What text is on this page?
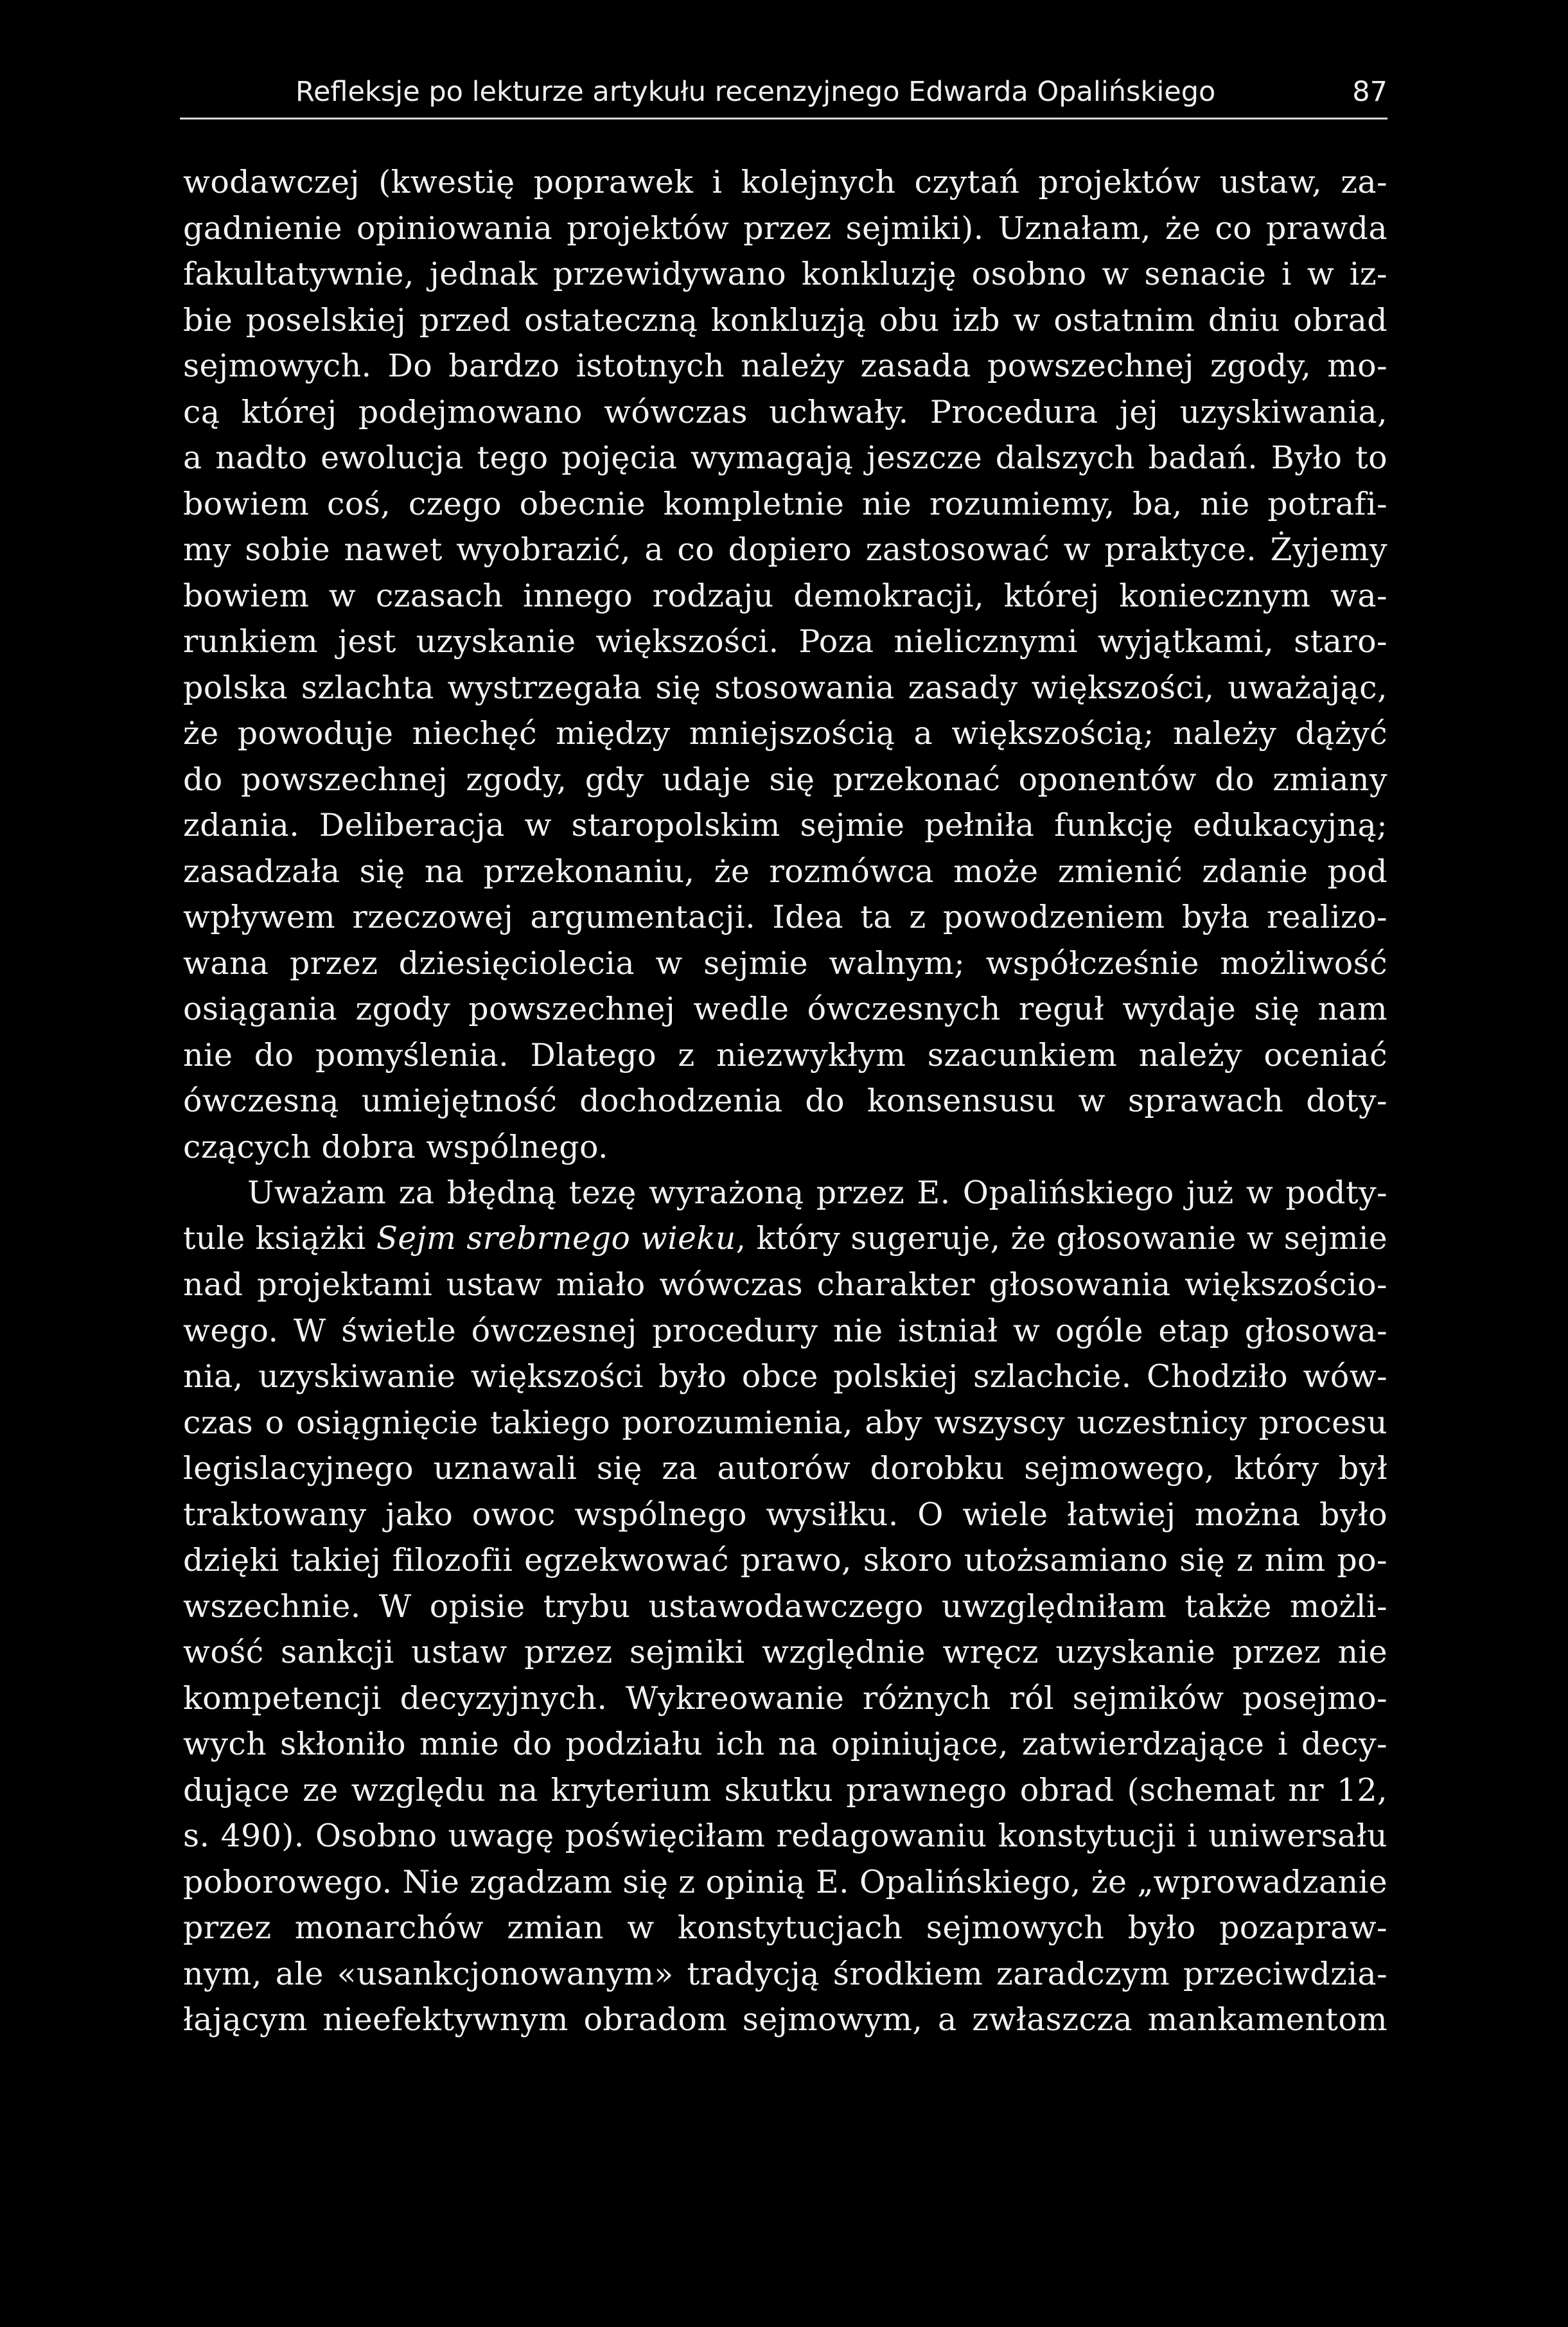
Refleksje po lekturze artykułu recenzyjnego Edwarda Opalińskiego	87
wodawczej (kwestię poprawek i kolejnych czytań projektów ustaw, za-
gadnienie opiniowania projektów przez sejmiki). Uznałam, że co prawda
fakultatywnie, jednak przewidywano konkluzję osobno w senacie i w iz-
bie poselskiej przed ostateczną konkluzją obu izb w ostatnim dniu obrad
sejmowych. Do bardzo istotnych należy zasada powszechnej zgody, mo-
cą której podejmowano wówczas uchwały. Procedura jej uzyskiwania,
a nadto ewolucja tego pojęcia wymagają jeszcze dalszych badań. Było to
bowiem coś, czego obecnie kompletnie nie rozumiemy, ba, nie potrafi-
my sobie nawet wyobrazić, a co dopiero zastosować w praktyce. Żyjemy
bowiem w czasach innego rodzaju demokracji, której koniecznym wa-
runkiem jest uzyskanie większości. Poza nielicznymi wyjątkami, staro-
polska szlachta wystrzegała się stosowania zasady większości, uważając,
że powoduje niechęć między mniejszością a większością; należy dążyć
do powszechnej zgody, gdy udaje się przekonać oponentów do zmiany
zdania. Deliberacja w staropolskim sejmie pełniła funkcję edukacyjną;
zasadzała się na przekonaniu, że rozmówca może zmienić zdanie pod
wpływem rzeczowej argumentacji. Idea ta z powodzeniem była realizo-
wana przez dziesięciolecia w sejmie walnym; współcześnie możliwość
osiągania zgody powszechnej wedle ówczesnych reguł wydaje się nam
nie do pomyślenia. Dlatego z niezwykłym szacunkiem należy oceniać
ówczesną umiejętność dochodzenia do konsensusu w sprawach doty-
czących dobra wspólnego.
Uważam za błędną tezę wyrażoną przez E. Opalińskiego już w podty-
tule książki Sejm srebrnego wieku, który sugeruje, że głosowanie w sejmie
nad projektami ustaw miało wówczas charakter głosowania większościo-
wego. W świetle ówczesnej procedury nie istniał w ogóle etap głosowa-
nia, uzyskiwanie większości było obce polskiej szlachcie. Chodziło wów-
czas o osiągnięcie takiego porozumienia, aby wszyscy uczestnicy procesu
legislacyjnego uznawali się za autorów dorobku sejmowego, który był
traktowany jako owoc wspólnego wysiłku. O wiele łatwiej można było
dzięki takiej filozofii egzekwować prawo, skoro utożsamiano się z nim po-
wszechnie. W opisie trybu ustawodawczego uwzględniłam także możli-
wość sankcji ustaw przez sejmiki względnie wręcz uzyskanie przez nie
kompetencji decyzyjnych. Wykreowanie różnych ról sejmików posejmo-
wych skłoniło mnie do podziału ich na opiniujące, zatwierdzające i decy-
dujące ze względu na kryterium skutku prawnego obrad (schemat nr 12,
s. 490). Osobno uwagę poświęciłam redagowaniu konstytucji i uniwersału
poborowego. Nie zgadzam się z opinią E. Opalińskiego, że „wprowadzanie
przez monarchów zmian w konstytucjach sejmowych było pozapraw-
nym, ale «usankcjonowanym» tradycją środkiem zaradczym przeciwdzia-
łającym nieefektywnym obradom sejmowym, a zwłaszcza mankamentom
